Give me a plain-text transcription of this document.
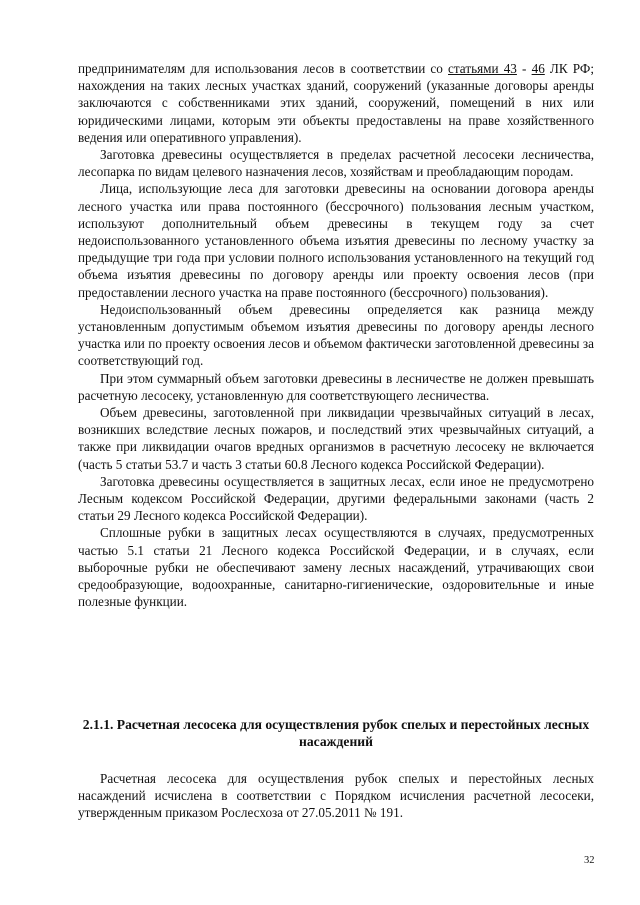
предпринимателям для использования лесов в соответствии со статьями 43 - 46 ЛК РФ; нахождения на таких лесных участках зданий, сооружений (указанные договоры аренды заключаются с собственниками этих зданий, сооружений, помещений в них или юридическими лицами, которым эти объекты предоставлены на праве хозяйственного ведения или оперативного управления).

Заготовка древесины осуществляется в пределах расчетной лесосеки лесничества, лесопарка по видам целевого назначения лесов, хозяйствам и преобладающим породам.

Лица, использующие леса для заготовки древесины на основании договора аренды лесного участка или права постоянного (бессрочного) пользования лесным участком, используют дополнительный объем древесины в текущем году за счет недоиспользованного установленного объема изъятия древесины по лесному участку за предыдущие три года при условии полного использования установленного на текущий год объема изъятия древесины по договору аренды или проекту освоения лесов (при предоставлении лесного участка на праве постоянного (бессрочного) пользования).

Недоиспользованный объем древесины определяется как разница между установленным допустимым объемом изъятия древесины по договору аренды лесного участка или по проекту освоения лесов и объемом фактически заготовленной древесины за соответствующий год.

При этом суммарный объем заготовки древесины в лесничестве не должен превышать расчетную лесосеку, установленную для соответствующего лесничества.

Объем древесины, заготовленной при ликвидации чрезвычайных ситуаций в лесах, возникших вследствие лесных пожаров, и последствий этих чрезвычайных ситуаций, а также при ликвидации очагов вредных организмов в расчетную лесосеку не включается (часть 5 статьи 53.7 и часть 3 статьи 60.8 Лесного кодекса Российской Федерации).

Заготовка древесины осуществляется в защитных лесах, если иное не предусмотрено Лесным кодексом Российской Федерации, другими федеральными законами (часть 2 статьи 29 Лесного кодекса Российской Федерации).

Сплошные рубки в защитных лесах осуществляются в случаях, предусмотренных частью 5.1 статьи 21 Лесного кодекса Российской Федерации, и в случаях, если выборочные рубки не обеспечивают замену лесных насаждений, утрачивающих свои средообразующие, водоохранные, санитарно-гигиенические, оздоровительные и иные полезные функции.

2.1.1. Расчетная лесосека для осуществления рубок спелых и перестойных лесных насаждений

Расчетная лесосека для осуществления рубок спелых и перестойных лесных насаждений исчислена в соответствии с Порядком исчисления расчетной лесосеки, утвержденным приказом Рослесхоза от 27.05.2011 № 191.

32
